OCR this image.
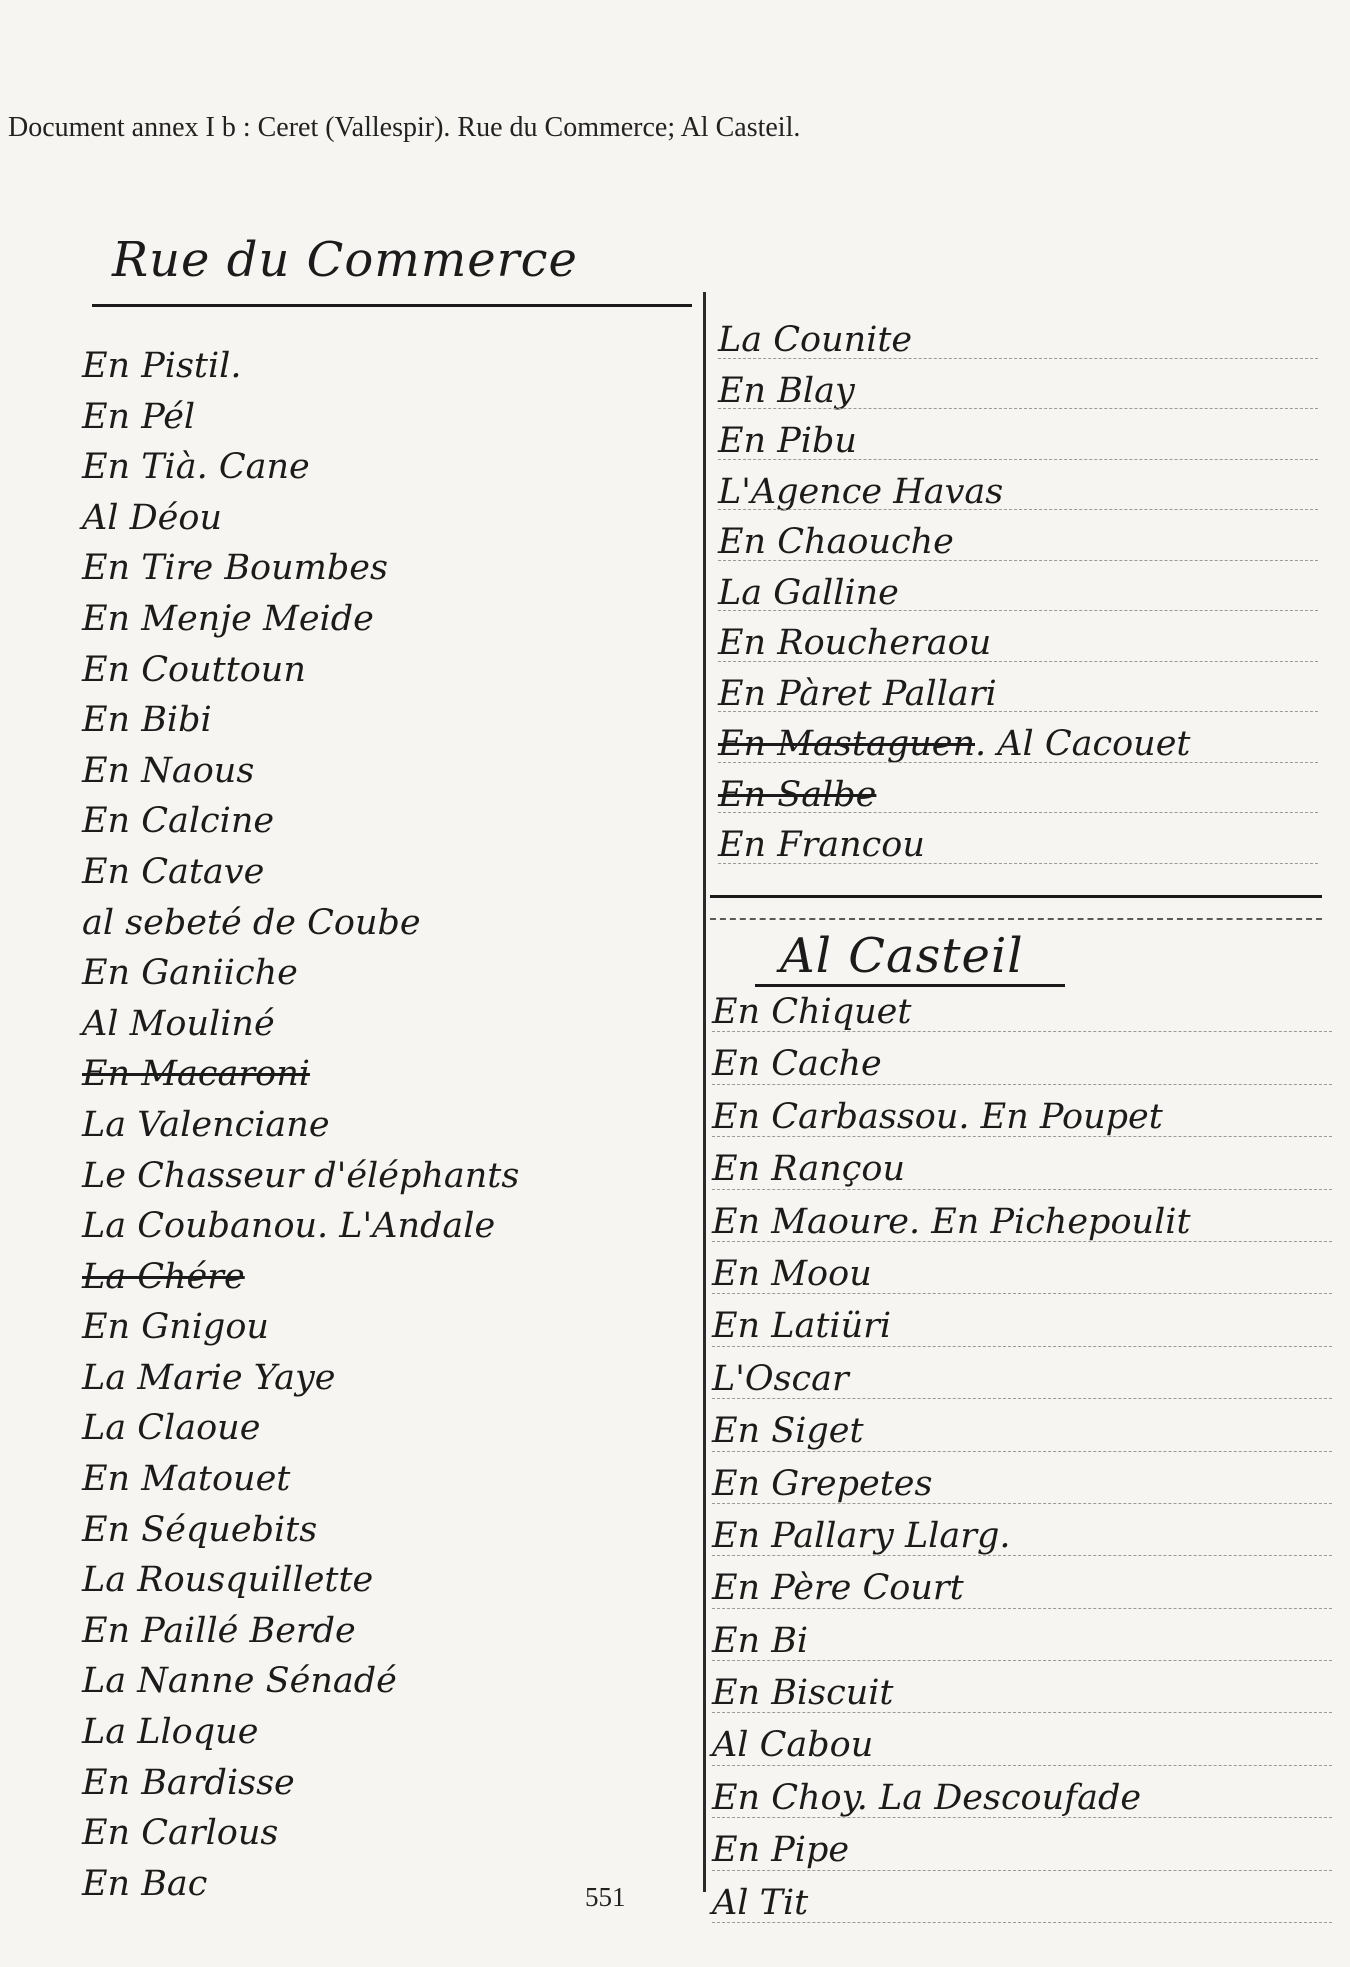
Document annex I b : Ceret (Vallespir). Rue du Commerce; Al Casteil.
Rue du Commerce
En Pistil.
En Pél
En Tià. Cane
Al Déou
En Tire Boumbes
En Menje Meide
En Couttoun
En Bibi
En Naous
En Calcine
En Catave
al sebeté de Coube
En Ganiiche
Al Mouliné
En Macaroni
La Valenciane
Le Chasseur d'éléphants
La Coubanou. L'Andale
La Chére
En Gnigou
La Marie Yaye
La Claoue
En Matouet
En Séquebits
La Rousquillette
En Paillé Berde
La Nanne Sénadé
La Lloque
En Bardisse
En Carlous
En Bac
La Counite
En Blay
En Pibu
L'Agence Havas
En Chaouche
La Galline
En Roucheraou
En Pàret Pallari
En Mastaguen. Al Cacouet
En Salbe
En Francou
Al Casteil
En Chiquet
En Cache
En Carbassou. En Poupet
En Rançou
En Maoure. En Pichepoulit
En Moou
En Latiüri
L'Oscar
En Siget
En Grepetes
En Pallary Llarg.
En Père Court
En Bi
En Biscuit
Al Cabou
En Choy. La Descoufade
En Pipe
Al Tit
551
